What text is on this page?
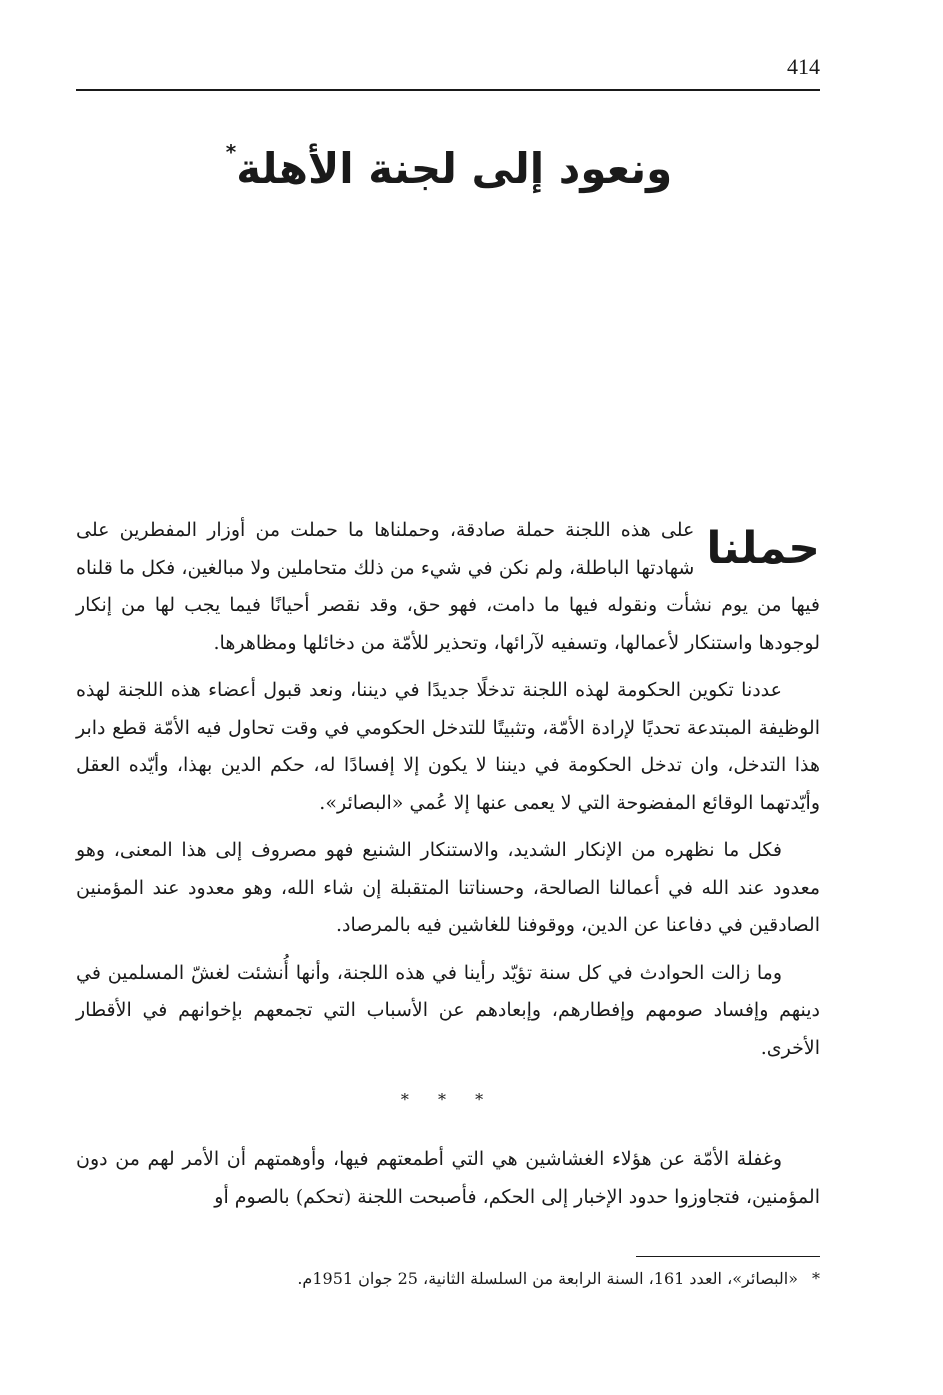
414
ونعود إلى لجنة الأهلة*

حملنا
على هذه اللجنة حملة صادقة، وحملناها ما حملت من أوزار المفطرين على شهادتها الباطلة، ولم نكن في شيء من ذلك متحاملين ولا مبالغين، فكل ما قلناه فيها من يوم نشأت ونقوله فيها ما دامت، فهو حق، وقد نقصر أحيانًا فيما يجب لها من إنكار لوجودها واستنكار لأعمالها، وتسفيه لآرائها، وتحذير للأمّة من دخائلها ومظاهرها.

عددنا تكوين الحكومة لهذه اللجنة تدخلًا جديدًا في ديننا، ونعد قبول أعضاء هذه اللجنة لهذه الوظيفة المبتدعة تحديًا لإرادة الأمّة، وتثبيتًا للتدخل الحكومي في وقت تحاول فيه الأمّة قطع دابر هذا التدخل، وان تدخل الحكومة في ديننا لا يكون إلا إفسادًا له، حكم الدين بهذا، وأيّده العقل وأيّدتهما الوقائع المفضوحة التي لا يعمى عنها إلا عُمي «البصائر».

فكل ما نظهره من الإنكار الشديد، والاستنكار الشنيع فهو مصروف إلى هذا المعنى، وهو معدود عند الله في أعمالنا الصالحة، وحسناتنا المتقبلة إن شاء الله، وهو معدود عند المؤمنين الصادقين في دفاعنا عن الدين، ووقوفنا للغاشين فيه بالمرصاد.

وما زالت الحوادث في كل سنة تؤيّد رأينا في هذه اللجنة، وأنها أُنشئت لغشّ المسلمين في دينهم وإفساد صومهم وإفطارهم، وإبعادهم عن الأسباب التي تجمعهم بإخوانهم في الأقطار الأخرى.

* * *

وغفلة الأمّة عن هؤلاء الغشاشين هي التي أطمعتهم فيها، وأوهمتهم أن الأمر لهم من دون المؤمنين، فتجاوزوا حدود الإخبار إلى الحكم، فأصبحت اللجنة (تحكم) بالصوم أو

*«البصائر»، العدد 161، السنة الرابعة من السلسلة الثانية، 25 جوان 1951م.
